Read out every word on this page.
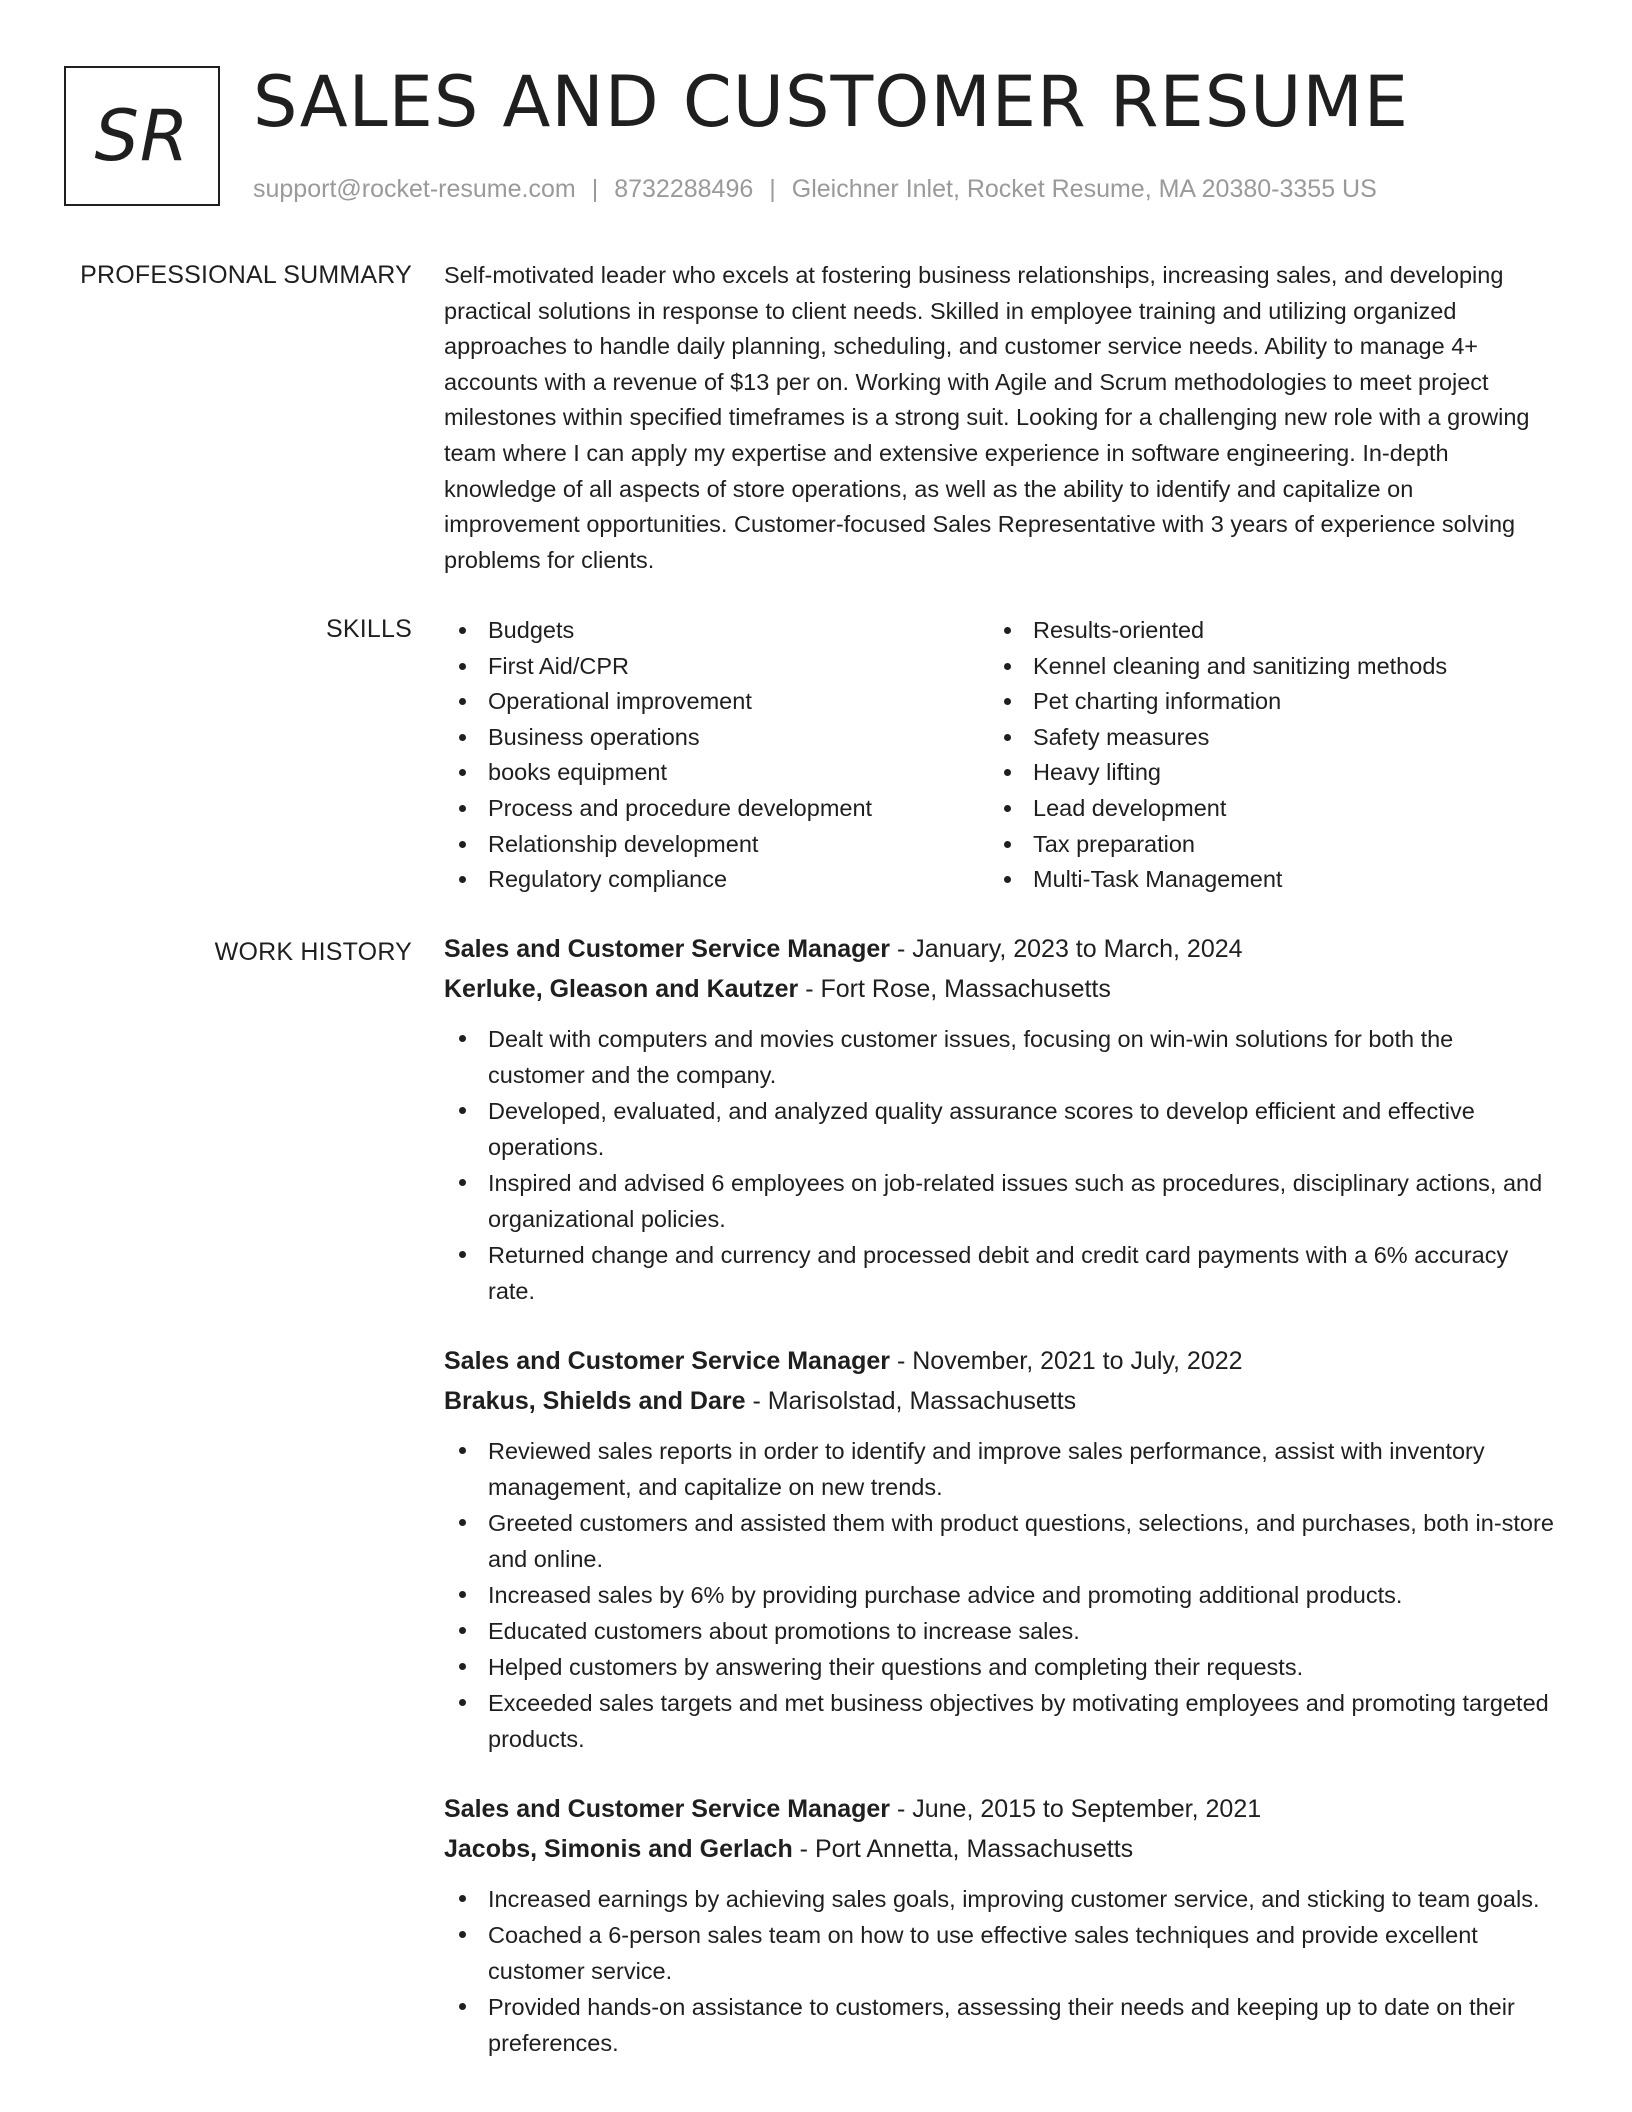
SR SALES AND CUSTOMER RESUME
support@rocket-resume.com | 8732288496 | Gleichner Inlet, Rocket Resume, MA 20380-3355 US
PROFESSIONAL SUMMARY Self-motivated leader who excels at fostering business relationships, increasing sales, and developing practical solutions in response to client needs. Skilled in employee training and utilizing organized approaches to handle daily planning, scheduling, and customer service needs. Ability to manage 4+ accounts with a revenue of $13 per on. Working with Agile and Scrum methodologies to meet project milestones within specified timeframes is a strong suit. Looking for a challenging new role with a growing team where I can apply my expertise and extensive experience in software engineering. In-depth knowledge of all aspects of store operations, as well as the ability to identify and capitalize on improvement opportunities. Customer-focused Sales Representative with 3 years of experience solving problems for clients.

SKILLS	Budgets
First Aid/CPR
Operational improvement
Business operations
books equipment
Process and procedure development
Relationship development
Regulatory compliance
Results-oriented
Kennel cleaning and sanitizing methods
Pet charting information
Safety measures
Heavy lifting
Lead development
Tax preparation
Multi-Task Management
WORK HISTORY Sales and Customer Service Manager - January, 2023 to March, 2024
Kerluke, Gleason and Kautzer - Fort Rose, Massachusetts
Dealt with computers and movies customer issues, focusing on win-win solutions for both the customer and the company.
Developed, evaluated, and analyzed quality assurance scores to develop efficient and effective operations.
Inspired and advised 6 employees on job-related issues such as procedures, disciplinary actions, and organizational policies.
Returned change and currency and processed debit and credit card payments with a 6% accuracy rate.
Sales and Customer Service Manager - November, 2021 to July, 2022
Brakus, Shields and Dare - Marisolstad, Massachusetts
Reviewed sales reports in order to identify and improve sales performance, assist with inventory management, and capitalize on new trends.
Greeted customers and assisted them with product questions, selections, and purchases, both in-store and online.
Increased sales by 6% by providing purchase advice and promoting additional products.
Educated customers about promotions to increase sales.
Helped customers by answering their questions and completing their requests.
Exceeded sales targets and met business objectives by motivating employees and promoting targeted products.
Sales and Customer Service Manager - June, 2015 to September, 2021
Jacobs, Simonis and Gerlach - Port Annetta, Massachusetts
Increased earnings by achieving sales goals, improving customer service, and sticking to team goals.
Coached a 6-person sales team on how to use effective sales techniques and provide excellent customer service.
Provided hands-on assistance to customers, assessing their needs and keeping up to date on their preferences.
